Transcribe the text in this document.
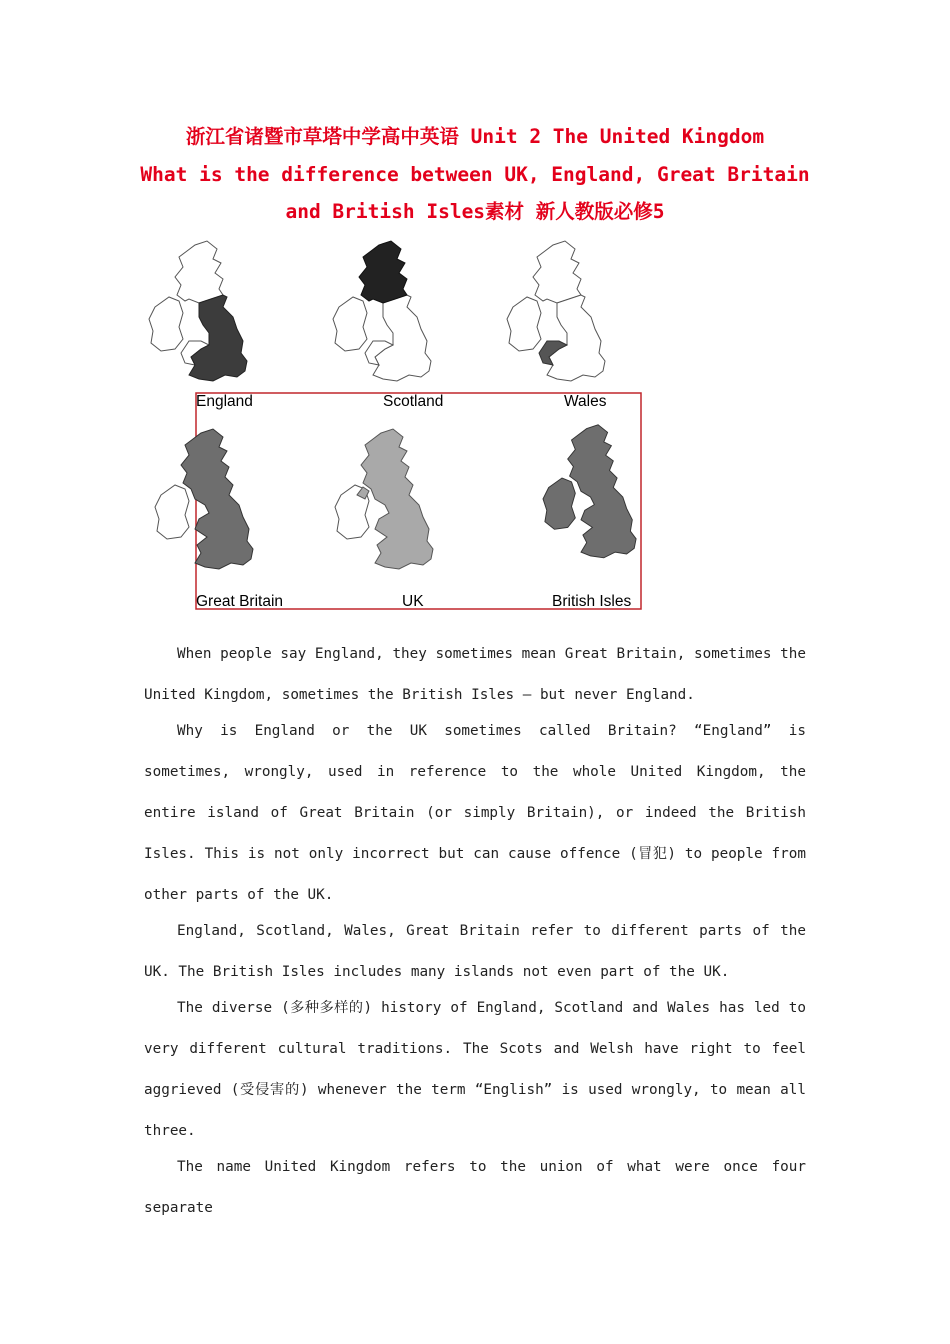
浙江省诸暨市草塔中学高中英语 Unit 2 The United Kingdom
What is the difference between UK, England, Great Britain
and British Isles素材 新人教版必修5
England	Scotland	Wales
Great Britain	UK	British Isles

When people say England, they sometimes mean Great Britain, sometimes the United Kingdom, sometimes the British Isles — but never England.

Why is England or the UK sometimes called Britain? “England” is sometimes, wrongly, used in reference to the whole United Kingdom, the entire island of Great Britain (or simply Britain), or indeed the British Isles. This is not only incorrect but can cause offence (冒犯) to people from other parts of the UK.

England, Scotland, Wales, Great Britain refer to different parts of the UK. The British Isles includes many islands not even part of the UK.

The diverse (多种多样的) history of England, Scotland and Wales has led to very different cultural traditions. The Scots and Welsh have right to feel aggrieved (受侵害的) whenever the term “English” is used wrongly, to mean all three.

The name United Kingdom refers to the union of what were once four separate
